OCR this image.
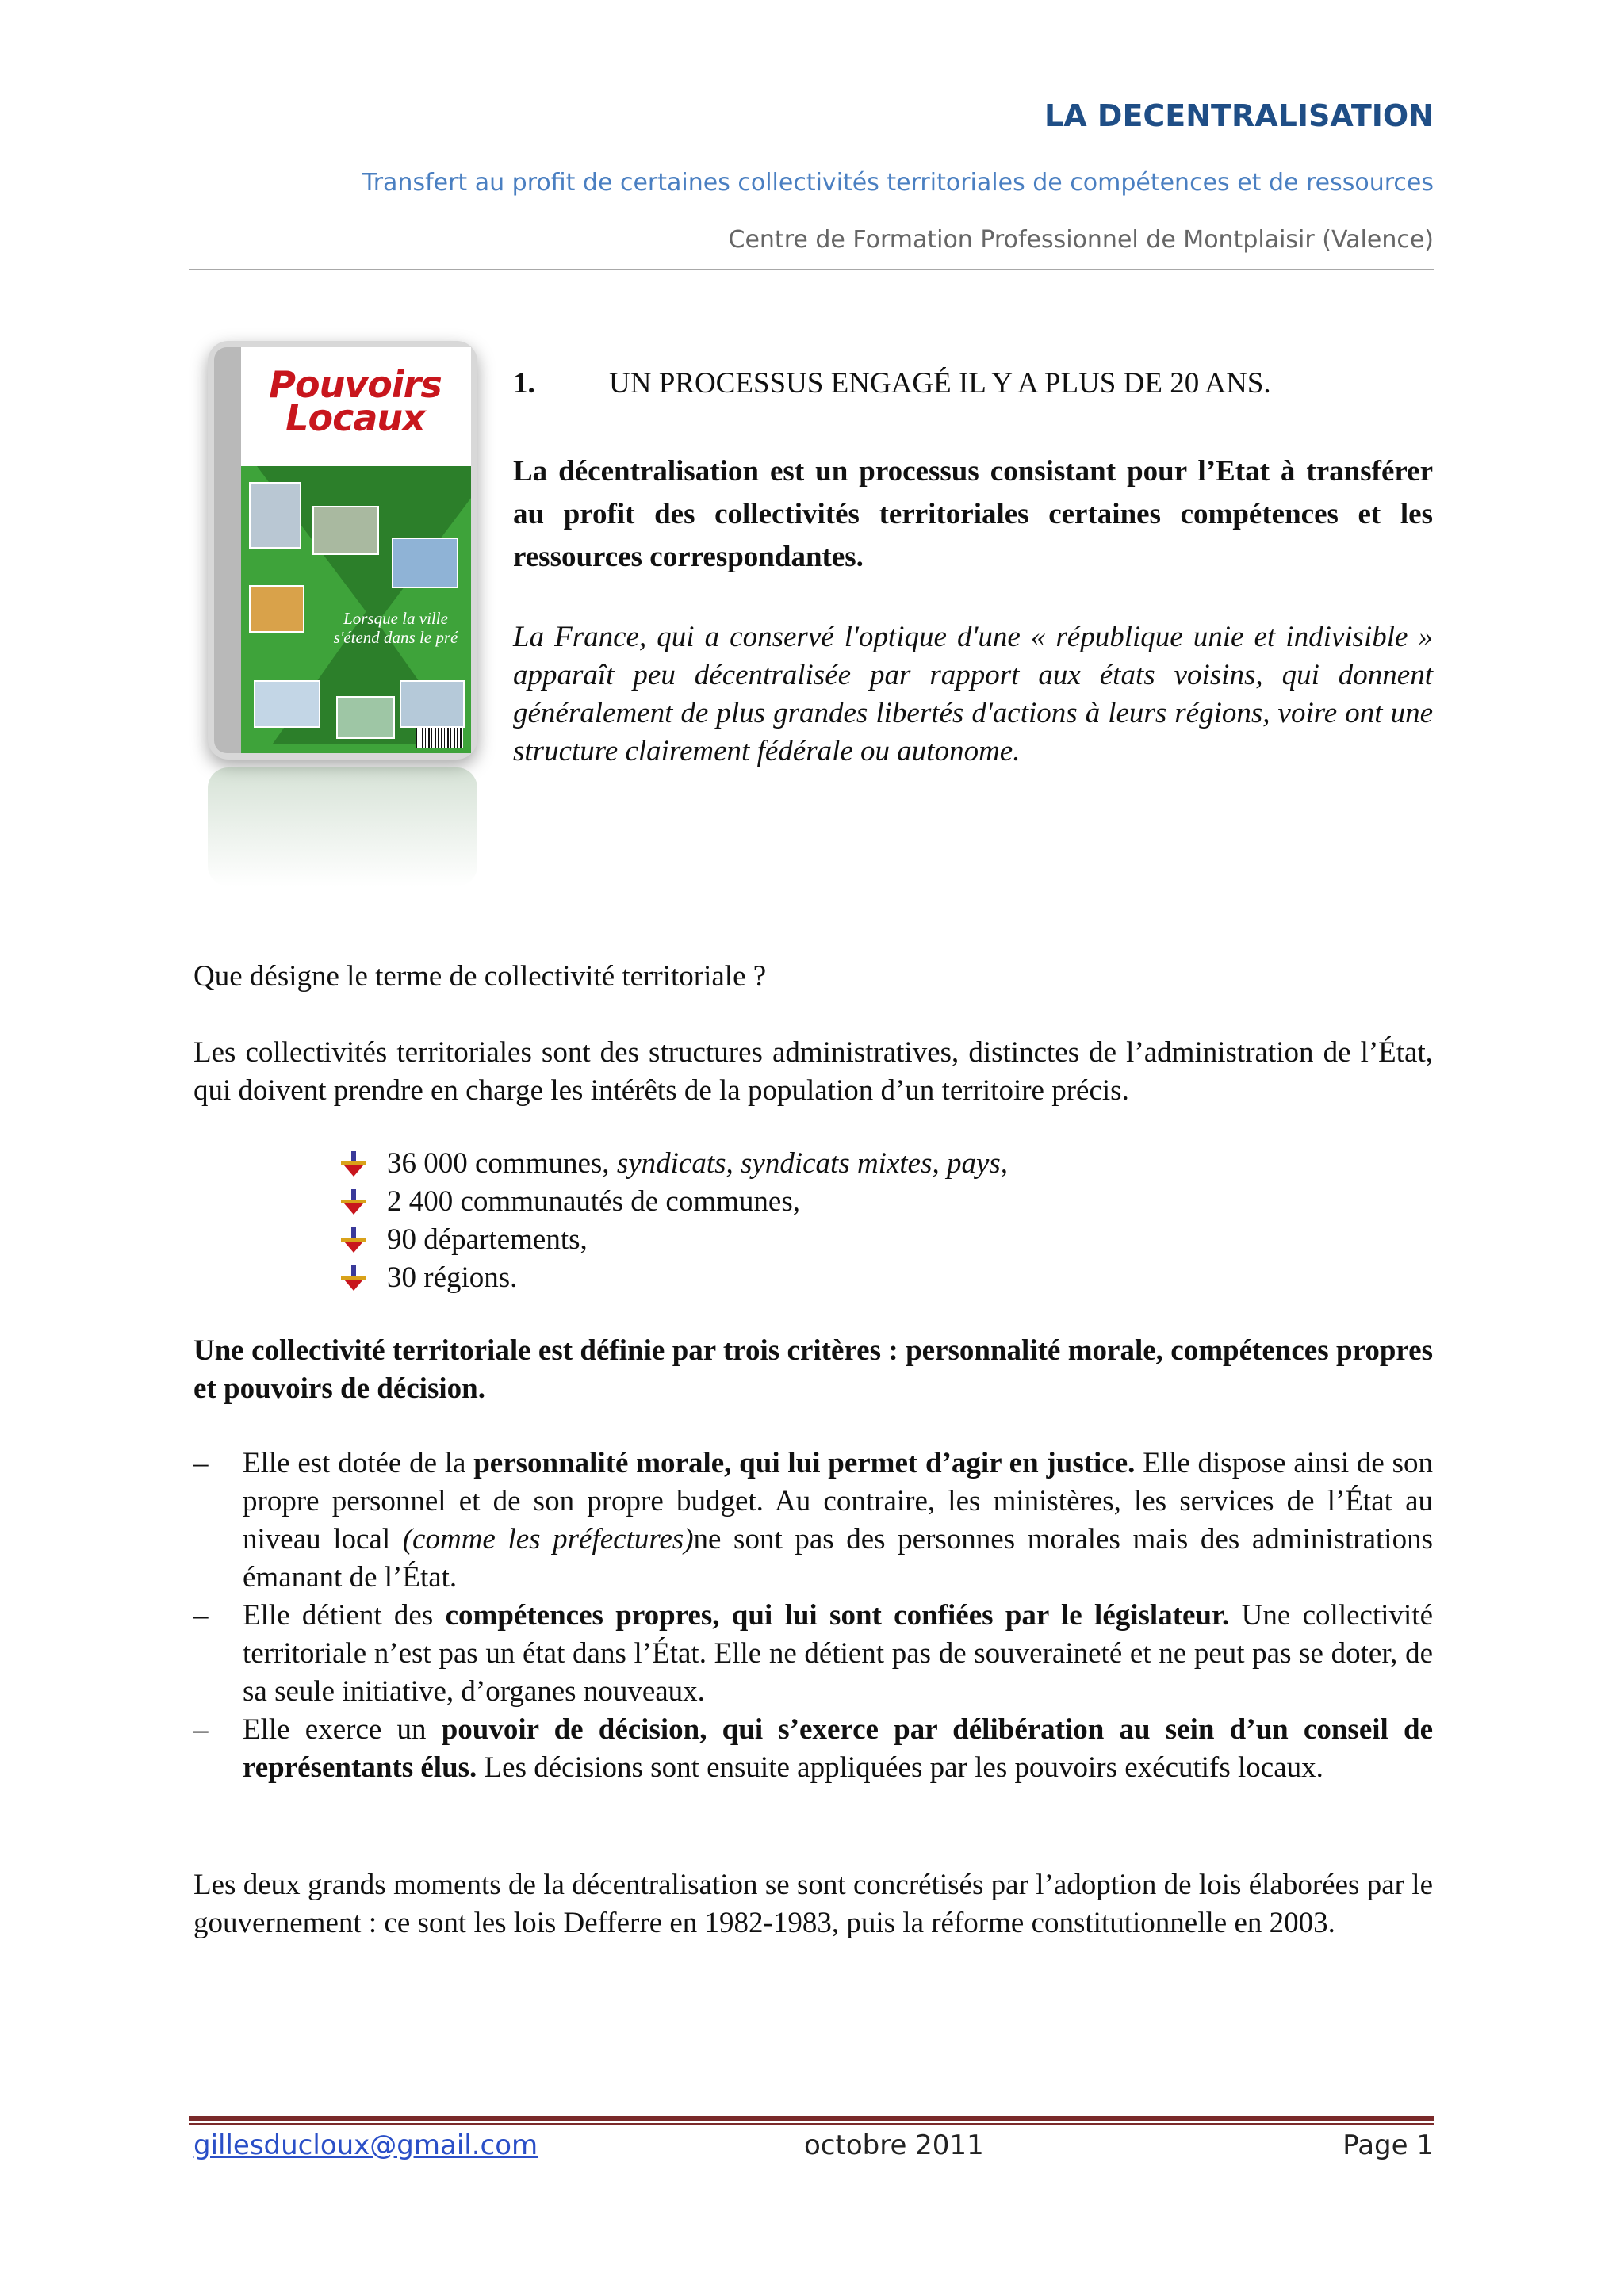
LA DECENTRALISATION
Transfert au profit de certaines collectivités territoriales de compétences et de ressources
Centre de Formation Professionnel de Montplaisir (Valence)
Pouvoirs Locaux
Lorsque la ville s'étend dans le pré
1.	UN PROCESSUS ENGAGÉ IL Y A PLUS DE 20 ANS.
La décentralisation est un processus consistant pour l’Etat à transférer au profit des collectivités territoriales certaines compétences et les ressources correspondantes.
La France, qui a conservé l'optique d'une « république unie et indivisible » apparaît peu décentralisée par rapport aux états voisins, qui donnent généralement de plus grandes libertés d'actions à leurs régions, voire ont une structure clairement fédérale ou autonome.
Que désigne le terme de collectivité territoriale ?
Les collectivités territoriales sont des structures administratives, distinctes de l’administration de l’État, qui doivent prendre en charge les intérêts de la population d’un territoire précis.
36 000 communes, syndicats, syndicats mixtes, pays,
2 400 communautés de communes,
90 départements,
30 régions.
Une collectivité territoriale est définie par trois critères : personnalité morale, compétences propres et pouvoirs de décision.
– Elle est dotée de la personnalité morale, qui lui permet d’agir en justice. Elle dispose ainsi de son propre personnel et de son propre budget. Au contraire, les ministères, les services de l’État au niveau local (comme les préfectures)ne sont pas des personnes morales mais des administrations émanant de l’État.
– Elle détient des compétences propres, qui lui sont confiées par le législateur. Une collectivité territoriale n’est pas un état dans l’État. Elle ne détient pas de souveraineté et ne peut pas se doter, de sa seule initiative, d’organes nouveaux.
– Elle exerce un pouvoir de décision, qui s’exerce par délibération au sein d’un conseil de représentants élus. Les décisions sont ensuite appliquées par les pouvoirs exécutifs locaux.
Les deux grands moments de la décentralisation se sont concrétisés par l’adoption de lois élaborées par le gouvernement : ce sont les lois Defferre en 1982-1983, puis la réforme constitutionnelle en 2003.
gillesducloux@gmail.com	octobre 2011	Page 1
